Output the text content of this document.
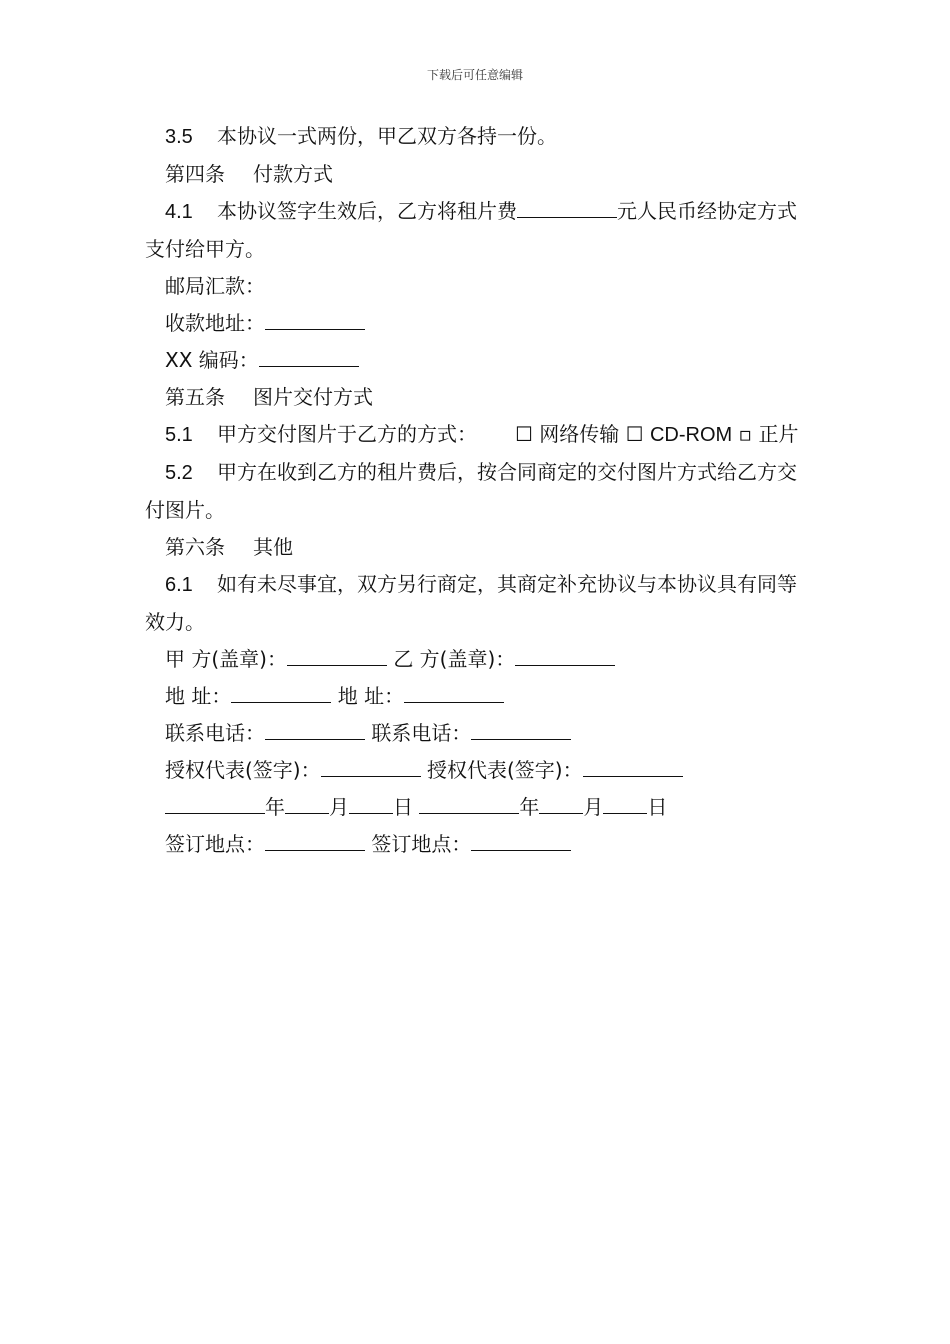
下载后可任意编辑
3.5 本协议一式两份，甲乙双方各持一份。
第四条 付款方式
4.1 本协议签字生效后，乙方将租片费	元人民币经协定方式支付给甲方。
邮局汇款：
收款地址：
XX 编码：
第五条 图片交付方式
5.1 甲方交付图片于乙方的方式： ☐ 网络传输 ☐ CD-ROM ▫ 正片
5.2 甲方在收到乙方的租片费后，按合同商定的交付图片方式给乙方交付图片。
第六条 其他
6.1 如有未尽事宜，双方另行商定，其商定补充协议与本协议具有同等效力。
甲 方(盖章)：	乙 方(盖章)：
地 址：	地 址：
联系电话：	联系电话：
授权代表(签字)：	授权代表(签字)：
年 月 日	年 月 日
签订地点：	签订地点：
